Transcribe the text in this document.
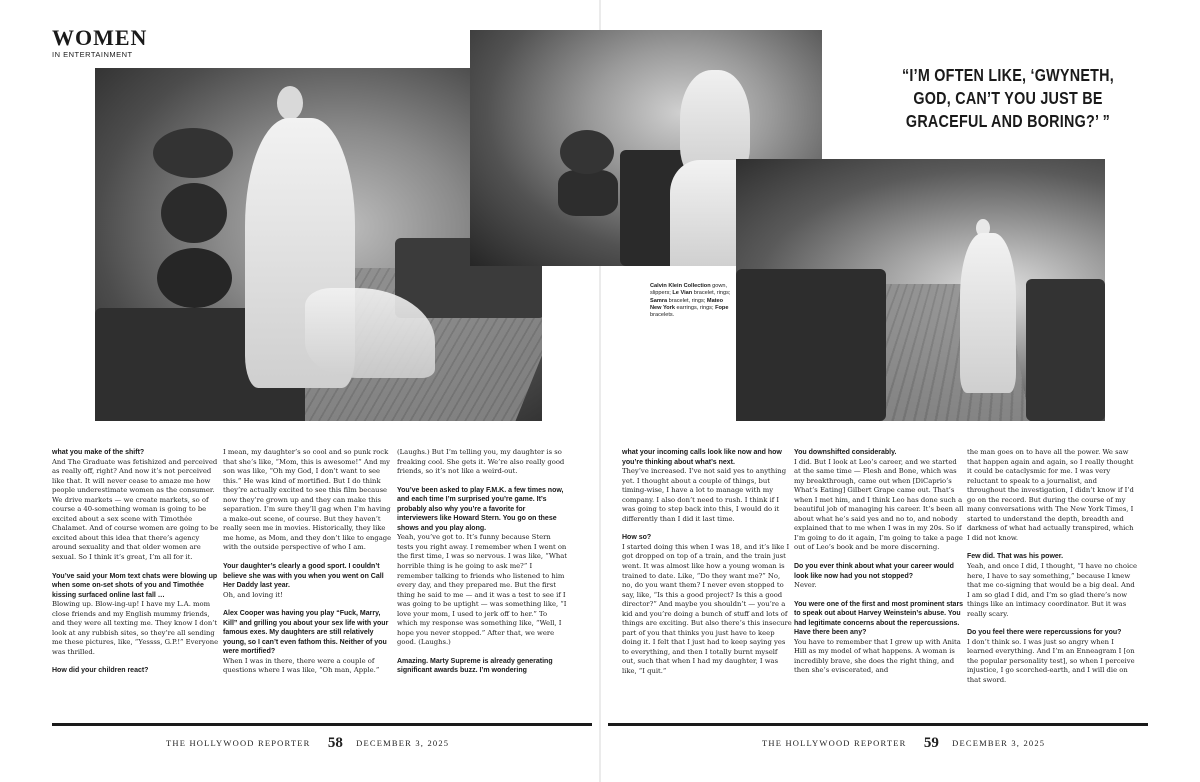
WOMEN
IN ENTERTAINMENT
“I’M OFTEN LIKE, ‘GWYNETH, GOD, CAN’T YOU JUST BE GRACEFUL AND BORING?’ ”
Calvin Klein Collection gown, slippers; Le Vian bracelet, rings; Samra bracelet, rings; Mateo New York earrings, rings; Fope bracelets.

what you make of the shift?

And The Graduate was fetishized and perceived as really off, right? And now it’s not perceived like that. It will never cease to amaze me how people underestimate women as the consumer. We drive markets — we create markets, so of course a 40-something woman is going to be excited about a sex scene with Timothée Chalamet. And of course women are going to be excited about this idea that there’s agency around sexuality and that older women are sexual. So I think it’s great, I’m all for it.

You’ve said your Mom text chats were blowing up when some on-set shots of you and Timothée kissing surfaced online last fall …

Blowing up. Blow-ing-up! I have my L.A. mom close friends and my English mummy friends, and they were all texting me. They know I don’t look at any rubbish sites, so they’re all sending me these pictures, like, “Yessss, G.P.!” Everyone was thrilled.

How did your children react?

I mean, my daughter’s so cool and so punk rock that she’s like, “Mom, this is awesome!” And my son was like, “Oh my God, I don’t want to see this.” He was kind of mortified. But I do think they’re actually excited to see this film because now they’re grown up and they can make this separation. I’m sure they’ll gag when I’m having a make-out scene, of course. But they haven’t really seen me in movies. Historically, they like me home, as Mom, and they don’t like to engage with the outside perspective of who I am.

Your daughter’s clearly a good sport. I couldn’t believe she was with you when you went on Call Her Daddy last year.

Oh, and loving it!

Alex Cooper was having you play “Fuck, Marry, Kill” and grilling you about your sex life with your famous exes. My daughters are still relatively young, so I can’t even fathom this. Neither of you were mortified?

When I was in there, there were a couple of questions where I was like, “Oh man, Apple.”

(Laughs.) But I’m telling you, my daughter is so freaking cool. She gets it. We’re also really good friends, so it’s not like a weird-out.

You’ve been asked to play F.M.K. a few times now, and each time I’m surprised you’re game. It’s probably also why you’re a favorite for interviewers like Howard Stern. You go on these shows and you play along.

Yeah, you’ve got to. It’s funny because Stern tests you right away. I remember when I went on the first time, I was so nervous. I was like, “What horrible thing is he going to ask me?” I remember talking to friends who listened to him every day, and they prepared me. But the first thing he said to me — and it was a test to see if I was going to be uptight — was something like, “I love your mom, I used to jerk off to her.” To which my response was something like, “Well, I hope you never stopped.” After that, we were good. (Laughs.)

Amazing. Marty Supreme is already generating significant awards buzz. I’m wondering

what your incoming calls look like now and how you’re thinking about what’s next.

They’ve increased. I’ve not said yes to anything yet. I thought about a couple of things, but timing-wise, I have a lot to manage with my company. I also don’t need to rush. I think if I was going to step back into this, I would do it differently than I did it last time.

How so?

I started doing this when I was 18, and it’s like I got dropped on top of a train, and the train just went. It was almost like how a young woman is trained to date. Like, “Do they want me?” No, no, do you want them? I never even stopped to say, like, “Is this a good project? Is this a good director?” And maybe you shouldn’t — you’re a kid and you’re doing a bunch of stuff and lots of things are exciting. But also there’s this insecure part of you that thinks you just have to keep doing it. I felt that I just had to keep saying yes to everything, and then I totally burnt myself out, such that when I had my daughter, I was like, “I quit.”

You downshifted considerably.

I did. But I look at Leo’s career, and we started at the same time — Flesh and Bone, which was my breakthrough, came out when [DiCaprio’s What’s Eating] Gilbert Grape came out. That’s when I met him, and I think Leo has done such a beautiful job of managing his career. It’s been all about what he’s said yes and no to, and nobody explained that to me when I was in my 20s. So if I’m going to do it again, I’m going to take a page out of Leo’s book and be more discerning.

Do you ever think about what your career would look like now had you not stopped?

Never.

You were one of the first and most prominent stars to speak out about Harvey Weinstein’s abuse. You had legitimate concerns about the repercussions. Have there been any?

You have to remember that I grew up with Anita Hill as my model of what happens. A woman is incredibly brave, she does the right thing, and then she’s eviscerated, and

the man goes on to have all the power. We saw that happen again and again, so I really thought it could be cataclysmic for me. I was very reluctant to speak to a journalist, and throughout the investigation, I didn’t know if I’d go on the record. But during the course of my many conversations with The New York Times, I started to understand the depth, breadth and darkness of what had actually transpired, which I did not know.

Few did. That was his power.

Yeah, and once I did, I thought, “I have no choice here, I have to say something,” because I knew that me co-signing that would be a big deal. And I am so glad I did, and I’m so glad there’s now things like an intimacy coordinator. But it was really scary.

Do you feel there were repercussions for you?

I don’t think so. I was just so angry when I learned everything. And I’m an Enneagram I [on the popular personality test], so when I perceive injustice, I go scorched-earth, and I will die on that sword.

THE HOLLYWOOD REPORTER 58 DECEMBER 3, 2025	THE HOLLYWOOD REPORTER 59 DECEMBER 3, 2025
